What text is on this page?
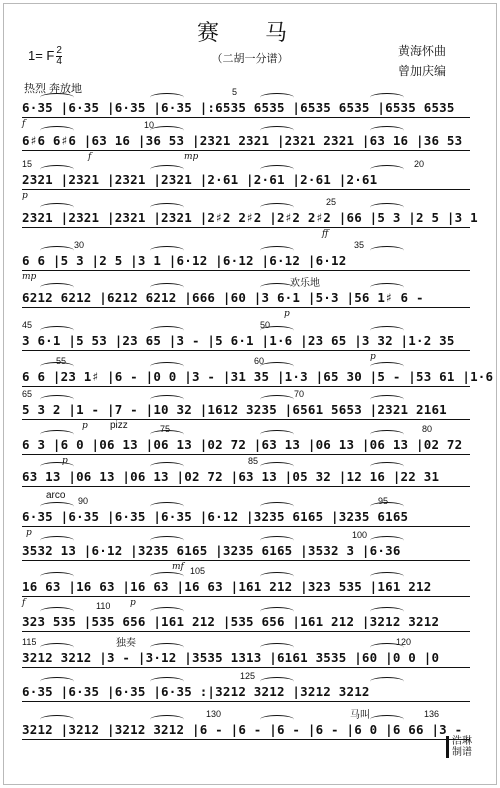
赛马
1= F $\frac{2}{4}$	（二胡一分谱）
黄海怀曲
曾加庆编
热烈 奔放地
6·35 |6·35 |6·35 |6·35 |:6535 6535 |6535 6535 |6535 6535
5
f
6♯6 6♯6 |63 16 |36 53 |2321 2321 |2321 2321 |63 16 |36 53
10
f	mp
2321 |2321 |2321 |2321 |2·61 |2·61 |2·61 |2·61
15	20
p
2321 |2321 |2321 |2321 |2♯2 2♯2 |2♯2 2♯2 |66 |5 3 |2 5 |3 1
25
ff
6 6 |5 3 |2 5 |3 1 |6·12 |6·12 |6·12 |6·12
30	35
mp
6212 6212 |6212 6212 |666 |60 |3 6·1 |5·3 |56 1♯ 6 -
p
3 6·1 |5 53 |23 65 |3 - |5 6·1 |1·6 |23 65 |3 32 |1·2 35
45	50
p
6 6 |23 1♯ |6 - |0 0 |3 - |31 35 |1·3 |65 30 |5 - |53 61 |1·6
55	60
5 3 2 |1 - |7 - |10 32 |1612 3235 |6561 5653 |2321 2161
65	70
p
6 3 |6 0 |06 13 |06 13 |02 72 |63 13 |06 13 |06 13 |02 72
75	80
p
63 13 |06 13 |06 13 |02 72 |63 13 |05 32 |12 16 |22 31
85
6·35 |6·35 |6·35 |6·35 |6·12 |3235 6165 |3235 6165
90	95
p
3532 13 |6·12 |3235 6165 |3235 6165 |3532 3 |6·36
100
mf
16 63 |16 63 |16 63 |16 63 |161 212 |323 535 |161 212
105
f	p
323 535 |535 656 |161 212 |535 656 |161 212 |3212 3212
110
3212 3212 |3 - |3·12 |3535 1313 |6161 3535 |60 |0 0 |0
115	120
6·35 |6·35 |6·35 |6·35 :|3212 3212 |3212 3212
125
3212 |3212 |3212 3212 |6 - |6 - |6 - |6 - |6 0 |6 66 |3 -
130	136
浩琳
制谱
欢乐地
pizz
arco
独奏
马叫
